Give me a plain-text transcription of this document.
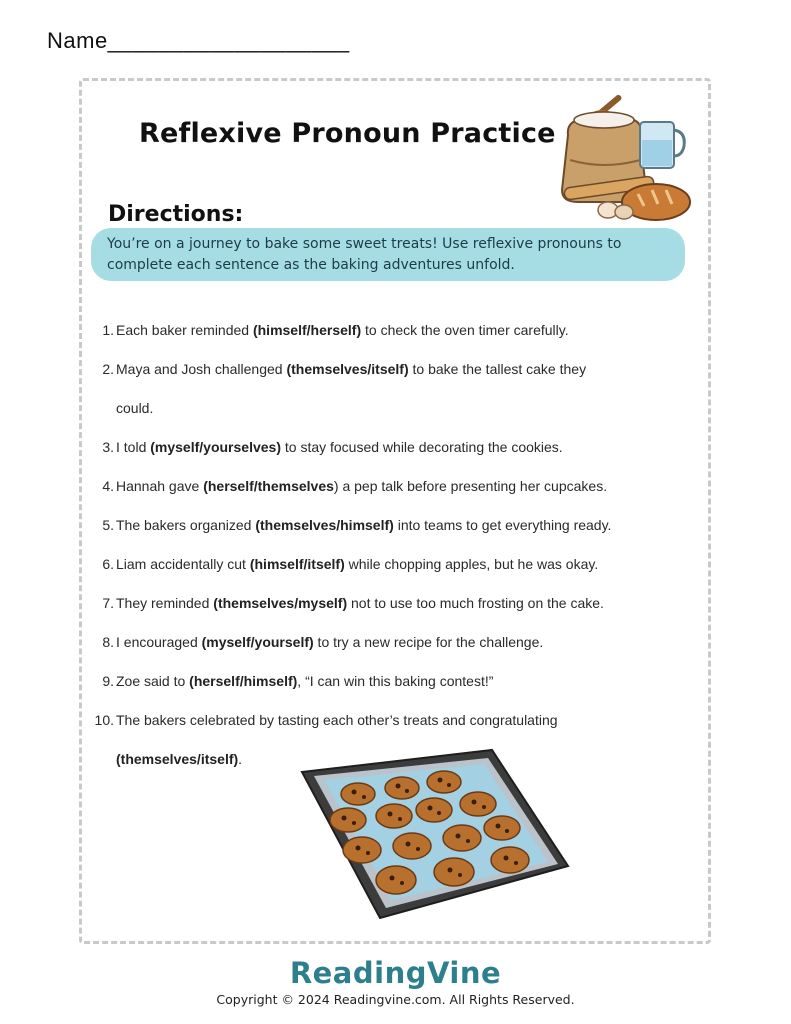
Name___________________
Reflexive Pronoun Practice
Directions:
You’re on a journey to bake some sweet treats! Use reflexive pronouns to complete each sentence as the baking adventures unfold.
1. Each baker reminded (himself/herself) to check the oven timer carefully.
2. Maya and Josh challenged (themselves/itself) to bake the tallest cake they
could.
3. I told (myself/yourselves) to stay focused while decorating the cookies.
4. Hannah gave (herself/themselves) a pep talk before presenting her cupcakes.
5. The bakers organized (themselves/himself) into teams to get everything ready.
6. Liam accidentally cut (himself/itself) while chopping apples, but he was okay.
7. They reminded (themselves/myself) not to use too much frosting on the cake.
8. I encouraged (myself/yourself) to try a new recipe for the challenge.
9. Zoe said to (herself/himself), “I can win this baking contest!”
10. The bakers celebrated by tasting each other’s treats and congratulating
(themselves/itself).
ReadingVine
Copyright © 2024 Readingvine.com. All Rights Reserved.
